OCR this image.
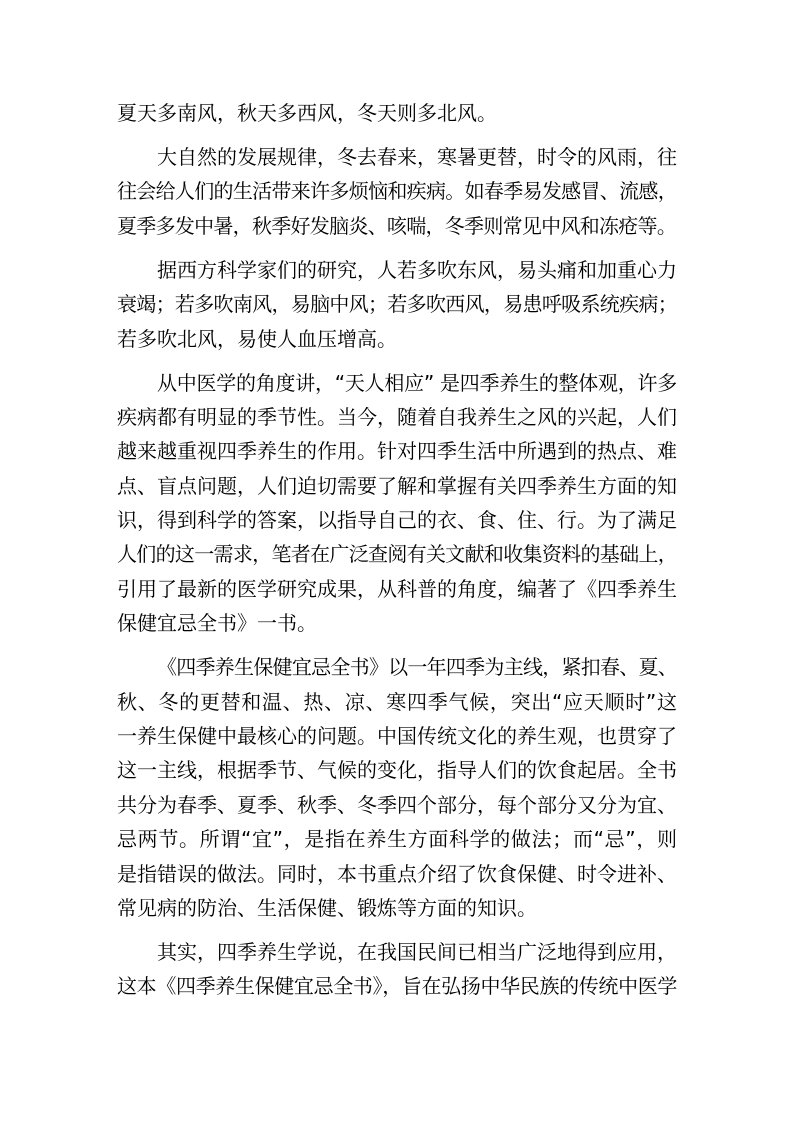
夏天多南风，秋天多西风，冬天则多北风。

大自然的发展规律，冬去春来，寒暑更替，时令的风雨，往
往会给人们的生活带来许多烦恼和疾病。如春季易发感冒、流感，
夏季多发中暑，秋季好发脑炎、咳喘，冬季则常见中风和冻疮等。

据西方科学家们的研究，人若多吹东风，易头痛和加重心力
衰竭；若多吹南风，易脑中风；若多吹西风，易患呼吸系统疾病；
若多吹北风，易使人血压增高。

从中医学的角度讲，“天人相应” 是四季养生的整体观，许多
疾病都有明显的季节性。当今，随着自我养生之风的兴起，人们
越来越重视四季养生的作用。针对四季生活中所遇到的热点、难
点、盲点问题，人们迫切需要了解和掌握有关四季养生方面的知
识，得到科学的答案，以指导自己的衣、食、住、行。为了满足
人们的这一需求，笔者在广泛查阅有关文献和收集资料的基础上，
引用了最新的医学研究成果，从科普的角度，编著了《四季养生
保健宜忌全书》一书。

《四季养生保健宜忌全书》以一年四季为主线，紧扣春、夏、
秋、冬的更替和温、热、凉、寒四季气候，突出“应天顺时”这
一养生保健中最核心的问题。中国传统文化的养生观，也贯穿了
这一主线，根据季节、气候的变化，指导人们的饮食起居。全书
共分为春季、夏季、秋季、冬季四个部分，每个部分又分为宜、
忌两节。所谓“宜”，是指在养生方面科学的做法；而“忌”，则
是指错误的做法。同时，本书重点介绍了饮食保健、时令进补、
常见病的防治、生活保健、锻炼等方面的知识。

其实，四季养生学说，在我国民间已相当广泛地得到应用，
这本《四季养生保健宜忌全书》，旨在弘扬中华民族的传统中医学
